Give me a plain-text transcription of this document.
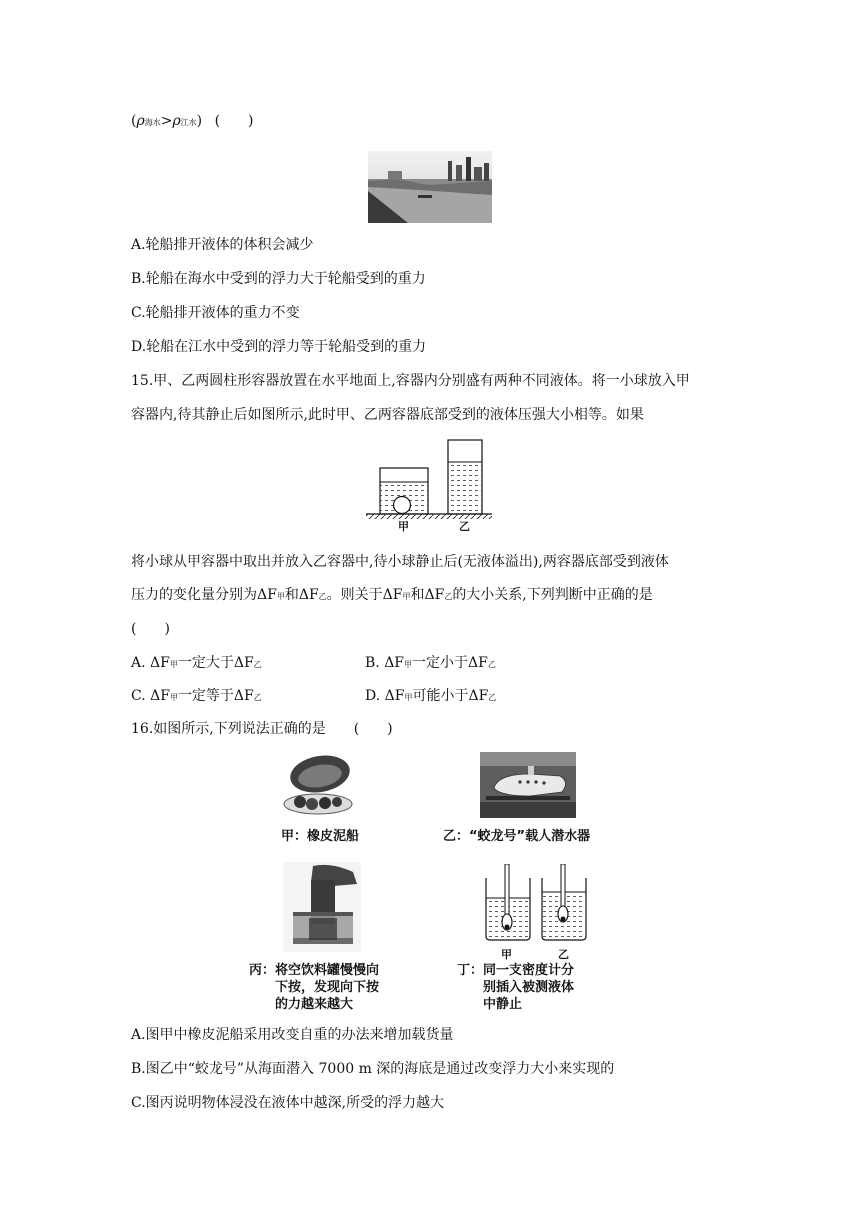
(ρ海水>ρ江水) (　　)
A.轮船排开液体的体积会减少
B.轮船在海水中受到的浮力大于轮船受到的重力
C.轮船排开液体的重力不变
D.轮船在江水中受到的浮力等于轮船受到的重力
15.甲、乙两圆柱形容器放置在水平地面上,容器内分别盛有两种不同液体。将一小球放入甲
容器内,待其静止后如图所示,此时甲、乙两容器底部受到的液体压强大小相等。如果
甲	乙
将小球从甲容器中取出并放入乙容器中,待小球静止后(无液体溢出),两容器底部受到液体
压力的变化量分别为ΔF甲和ΔF乙。则关于ΔF甲和ΔF乙的大小关系,下列判断中正确的是
(　　)
A. ΔF甲一定大于ΔF乙	B. ΔF甲一定小于ΔF乙
C. ΔF甲一定等于ΔF乙	D. ΔF甲可能小于ΔF乙
16.如图所示,下列说法正确的是　　(　　)
甲：橡皮泥船	乙：“蛟龙号”载人潜水器
丙：将空饮料罐慢慢向
下按，发现向下按
的力越来越大
甲	乙
丁：同一支密度计分
别插入被测液体
中静止
A.图甲中橡皮泥船采用改变自重的办法来增加载货量
B.图乙中“蛟龙号”从海面潜入 7000 m 深的海底是通过改变浮力大小来实现的
C.图丙说明物体浸没在液体中越深,所受的浮力越大
